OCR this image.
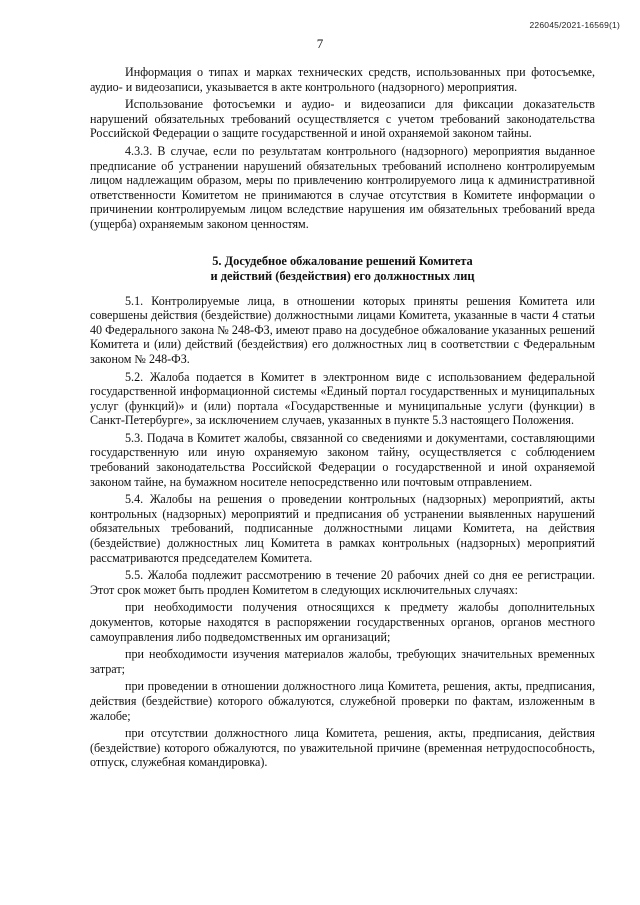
226045/2021-16569(1)
7

Информация о типах и марках технических средств, использованных при фотосъемке, аудио- и видеозаписи, указывается в акте контрольного (надзорного) мероприятия.

Использование фотосъемки и аудио- и видеозаписи для фиксации доказательств нарушений обязательных требований осуществляется с учетом требований законодательства Российской Федерации о защите государственной и иной охраняемой законом тайны.

4.3.3. В случае, если по результатам контрольного (надзорного) мероприятия выданное предписание об устранении нарушений обязательных требований исполнено контролируемым лицом надлежащим образом, меры по привлечению контролируемого лица к административной ответственности Комитетом не принимаются в случае отсутствия в Комитете информации о причинении контролируемым лицом вследствие нарушения им обязательных требований вреда (ущерба) охраняемым законом ценностям.

5. Досудебное обжалование решений Комитета
и действий (бездействия) его должностных лиц

5.1. Контролируемые лица, в отношении которых приняты решения Комитета или совершены действия (бездействие) должностными лицами Комитета, указанные в части 4 статьи 40 Федерального закона № 248-ФЗ, имеют право на досудебное обжалование указанных решений Комитета и (или) действий (бездействия) его должностных лиц в соответствии с Федеральным законом № 248-ФЗ.

5.2. Жалоба подается в Комитет в электронном виде с использованием федеральной государственной информационной системы «Единый портал государственных и муниципальных услуг (функций)» и (или) портала «Государственные и муниципальные услуги (функции) в Санкт-Петербурге», за исключением случаев, указанных в пункте 5.3 настоящего Положения.

5.3. Подача в Комитет жалобы, связанной со сведениями и документами, составляющими государственную или иную охраняемую законом тайну, осуществляется с соблюдением требований законодательства Российской Федерации о государственной и иной охраняемой законом тайне, на бумажном носителе непосредственно или почтовым отправлением.

5.4. Жалобы на решения о проведении контрольных (надзорных) мероприятий, акты контрольных (надзорных) мероприятий и предписания об устранении выявленных нарушений обязательных требований, подписанные должностными лицами Комитета, на действия (бездействие) должностных лиц Комитета в рамках контрольных (надзорных) мероприятий рассматриваются председателем Комитета.

5.5. Жалоба подлежит рассмотрению в течение 20 рабочих дней со дня ее регистрации. Этот срок может быть продлен Комитетом в следующих исключительных случаях:

при необходимости получения относящихся к предмету жалобы дополнительных документов, которые находятся в распоряжении государственных органов, органов местного самоуправления либо подведомственных им организаций;

при необходимости изучения материалов жалобы, требующих значительных временных затрат;

при проведении в отношении должностного лица Комитета, решения, акты, предписания, действия (бездействие) которого обжалуются, служебной проверки по фактам, изложенным в жалобе;

при отсутствии должностного лица Комитета, решения, акты, предписания, действия (бездействие) которого обжалуются, по уважительной причине (временная нетрудоспособность, отпуск, служебная командировка).
